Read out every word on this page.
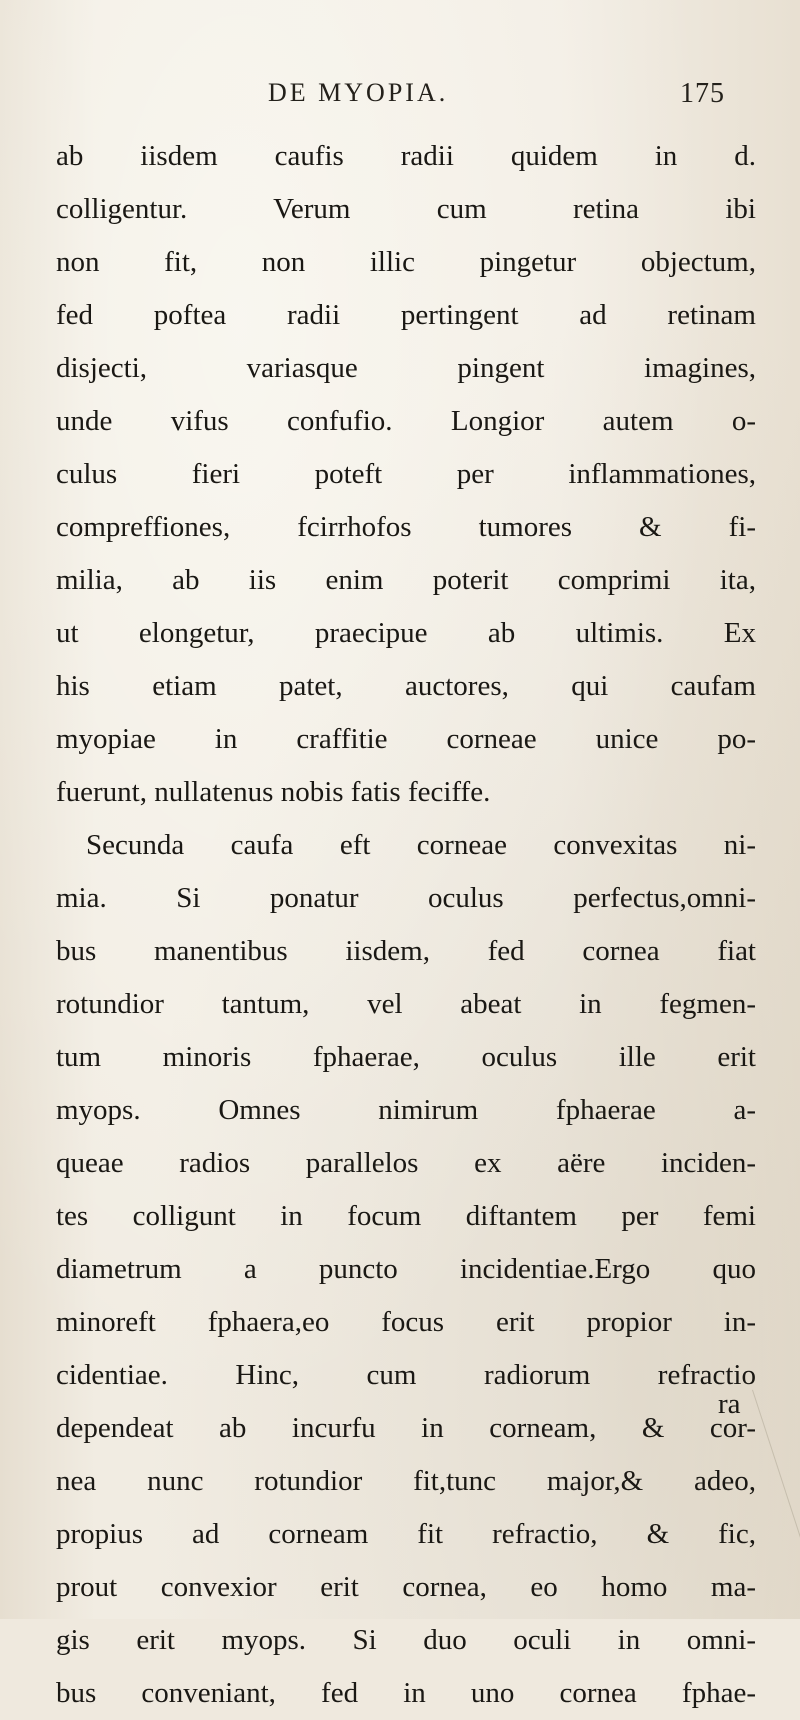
DE MYOPIA.	175
ab iisdem caufis radii quidem in d.
colligentur. Verum cum retina ibi
non fit, non illic pingetur objectum,
fed poftea radii pertingent ad retinam
disjecti, variasque pingent imagines,
unde vifus confufio. Longior autem o-
culus fieri poteft per inflammationes,
compreffiones, fcirrhofos tumores & fi-
milia, ab iis enim poterit comprimi ita,
ut elongetur, praecipue ab ultimis. Ex
his etiam patet, auctores, qui caufam
myopiae in craffitie corneae unice po-
fuerunt, nullatenus nobis fatis feciffe.
Secunda caufa eft corneae convexitas ni-
mia. Si ponatur oculus perfectus,omni-
bus manentibus iisdem, fed cornea fiat
rotundior tantum, vel abeat in fegmen-
tum minoris fphaerae, oculus ille erit
myops. Omnes nimirum fphaerae a-
queae radios parallelos ex aëre inciden-
tes colligunt in focum diftantem per femi
diametrum a puncto incidentiae.Ergo quo
minoreft fphaera,eo focus erit propior in-
cidentiae. Hinc, cum radiorum refractio
dependeat ab incurfu in corneam, & cor-
nea nunc rotundior fit,tunc major,& adeo,
propius ad corneam fit refractio, & fic,
prout convexior erit cornea, eo homo ma-
gis erit myops. Si duo oculi in omni-
bus conveniant, fed in uno cornea fphae-
ra
